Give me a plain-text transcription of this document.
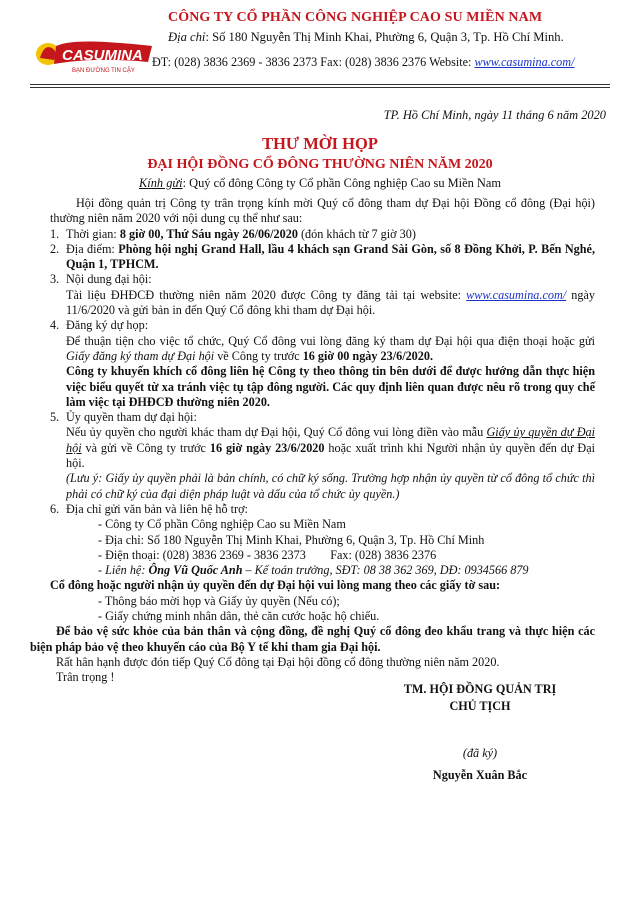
CASUMINA
BẠN ĐƯỜNG TIN CẬY
CÔNG TY CỔ PHẦN CÔNG NGHIỆP CAO SU MIỀN NAM
Địa chỉ: Số 180 Nguyễn Thị Minh Khai, Phường 6, Quận 3, Tp. Hồ Chí Minh.
ĐT: (028) 3836 2369 - 3836 2373 Fax: (028) 3836 2376 Website: www.casumina.com/
TP. Hồ Chí Minh, ngày 11 tháng 6 năm 2020
THƯ MỜI HỌP
ĐẠI HỘI ĐỒNG CỔ ĐÔNG THƯỜNG NIÊN NĂM 2020
Kính gửi: Quý cổ đông Công ty Cổ phần Công nghiệp Cao su Miền Nam

Hội đồng quản trị Công ty trân trọng kính mời Quý cổ đông tham dự Đại hội Đồng cổ đông (Đại hội) thường niên năm 2020 với nội dung cụ thể như sau:

1. Thời gian: 8 giờ 00, Thứ Sáu ngày 26/06/2020 (đón khách từ 7 giờ 30)
2. Địa điểm: Phòng hội nghị Grand Hall, lầu 4 khách sạn Grand Sài Gòn, số 8 Đồng Khởi, P. Bến Nghé, Quận 1, TPHCM.
3. Nội dung đại hội:
Tài liệu ĐHĐCĐ thường niên năm 2020 được Công ty đăng tải tại website: www.casumina.com/ ngày 11/6/2020 và gửi bản in đến Quý Cổ đông khi tham dự Đại hội.
4. Đăng ký dự họp:
Để thuận tiện cho việc tổ chức, Quý Cổ đông vui lòng đăng ký tham dự Đại hội qua điện thoại hoặc gửi Giấy đăng ký tham dự Đại hội về Công ty trước 16 giờ 00 ngày 23/6/2020.
Công ty khuyến khích cổ đông liên hệ Công ty theo thông tin bên dưới để được hướng dẫn thực hiện việc biểu quyết từ xa tránh việc tụ tập đông người. Các quy định liên quan được nêu rõ trong quy chế làm việc tại ĐHĐCĐ thường niên 2020.
5. Ủy quyền tham dự đại hội:
Nếu ủy quyền cho người khác tham dự Đại hội, Quý Cổ đông vui lòng điền vào mẫu Giấy ủy quyền dự Đại hội và gửi về Công ty trước 16 giờ ngày 23/6/2020 hoặc xuất trình khi Người nhận ủy quyền đến dự Đại hội.
(Lưu ý: Giấy ủy quyền phải là bản chính, có chữ ký sống. Trường hợp nhận ủy quyền từ cổ đông tổ chức thì phải có chữ ký của đại diện pháp luật và dấu của tổ chức ủy quyền.)
6. Địa chỉ gửi văn bản và liên hệ hỗ trợ:
- Công ty Cổ phần Công nghiệp Cao su Miền Nam
- Địa chỉ: Số 180 Nguyễn Thị Minh Khai, Phường 6, Quận 3, Tp. Hồ Chí Minh
- Điện thoại: (028) 3836 2369 - 3836 2373        Fax: (028) 3836 2376
- Liên hệ: Ông Vũ Quốc Anh – Kế toán trưởng, SĐT: 08 38 362 369, DĐ: 0934566 879

Cổ đông hoặc người nhận ủy quyền đến dự Đại hội vui lòng mang theo các giấy tờ sau:

- Thông báo mời họp và Giấy ủy quyền (Nếu có);
- Giấy chứng minh nhân dân, thẻ căn cước hoặc hộ chiếu.

Để bảo vệ sức khỏe của bản thân và cộng đồng, đề nghị Quý cổ đông đeo khẩu trang và thực hiện các biện pháp bảo vệ theo khuyến cáo của Bộ Y tế khi tham gia Đại hội.

Rất hân hạnh được đón tiếp Quý Cổ đông tại Đại hội đồng cổ đông thường niên năm 2020.

Trân trọng !

TM. HỘI ĐỒNG QUẢN TRỊ
CHỦ TỊCH
(đã ký)
Nguyễn Xuân Bắc
